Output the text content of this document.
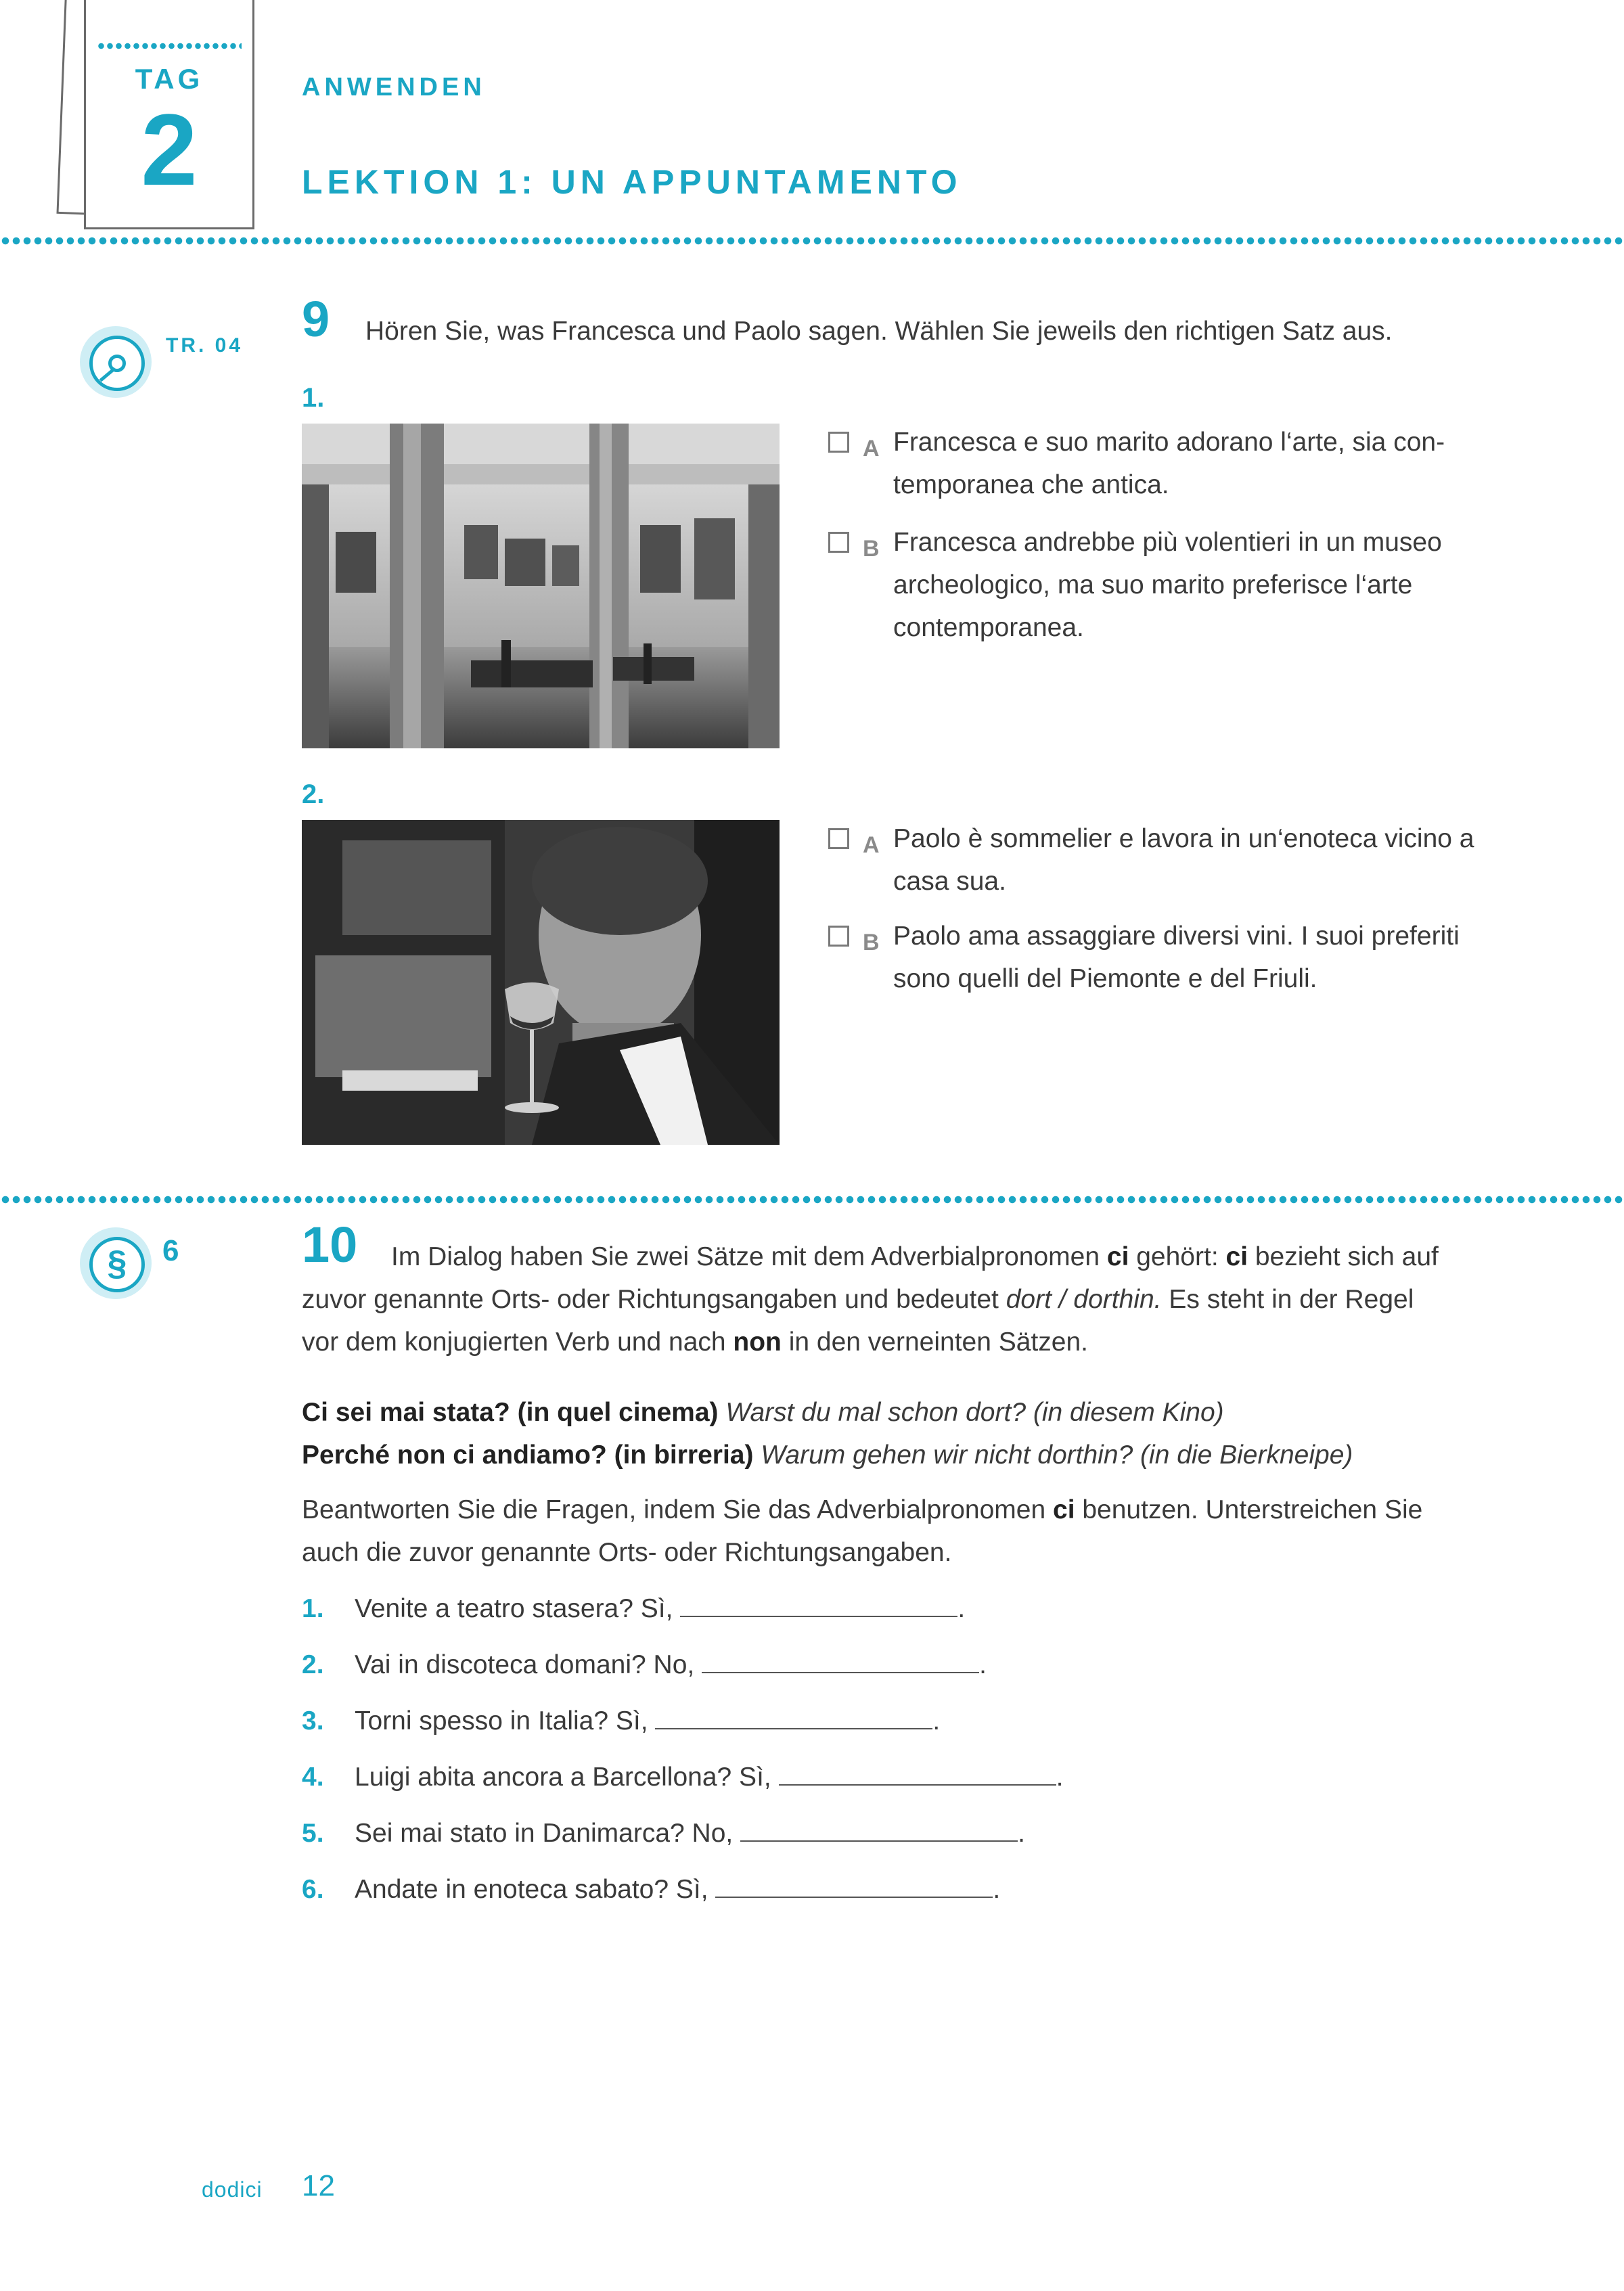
TAG
2
ANWENDEN
LEKTION 1: UN APPUNTAMENTO
TR. 04 9 Hören Sie, was Francesca und Paolo sagen. Wählen Sie jeweils den richtigen Satz aus.
1.
A Francesca e suo marito adorano l‘arte, sia con-
temporanea che antica.
B Francesca andrebbe più volentieri in un museo
archeologico, ma suo marito preferisce l‘arte
contemporanea.
2.
A Paolo è sommelier e lavora in un‘enoteca vicino a
casa sua.
B Paolo ama assaggiare diversi vini. I suoi preferiti
sono quelli del Piemonte e del Friuli.
§	6 10	Im Dialog haben Sie zwei Sätze mit dem Adverbialpronomen ci gehört: ci bezieht sich auf
zuvor genannte Orts- oder Richtungsangaben und bedeutet dort / dorthin. Es steht in der Regel
vor dem konjugierten Verb und nach non in den verneinten Sätzen.
Ci sei mai stata? (in quel cinema) Warst du mal schon dort? (in diesem Kino)
Perché non ci andiamo? (in birreria) Warum gehen wir nicht dorthin? (in die Bierkneipe)
Beantworten Sie die Fragen, indem Sie das Adverbialpronomen ci benutzen. Unterstreichen Sie
auch die zuvor genannte Orts- oder Richtungsangaben.
1. Venite a teatro stasera? Sì,	.
2. Vai in discoteca domani? No,	.
3. Torni spesso in Italia? Sì,	.
4. Luigi abita ancora a Barcellona? Sì,	.
5. Sei mai stato in Danimarca? No,	.
6. Andate in enoteca sabato? Sì,	.
dodici 12
